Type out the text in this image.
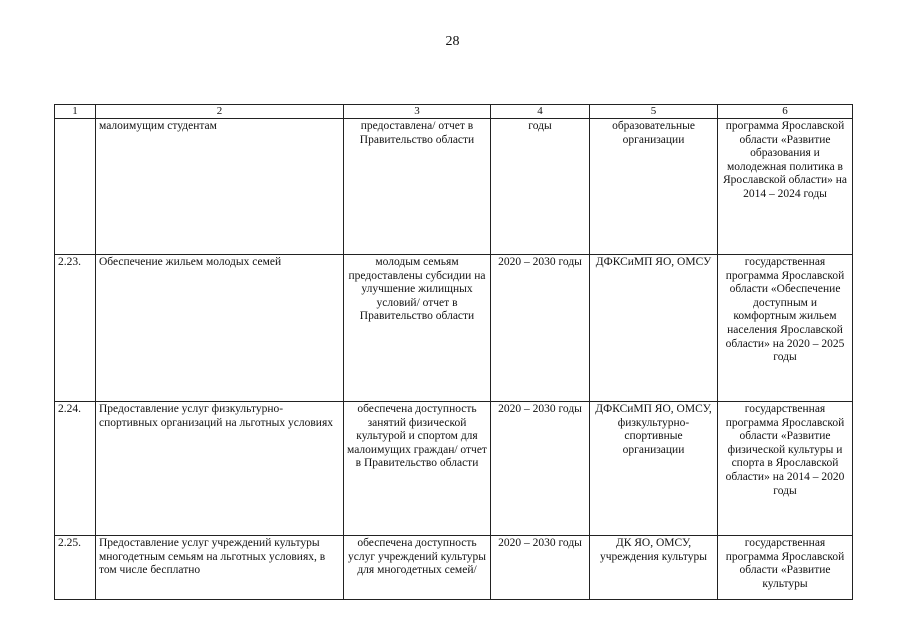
28
1	2	3	4	5	6
	малоимущим студентам	предоставлена/ отчет в Правительство области	годы	образовательные организации	программа Ярославской области «Развитие образования и молодежная политика в Ярославской области» на 2014 – 2024 годы
2.23.	Обеспечение жильем молодых семей	молодым семьям предоставлены субсидии на улучшение жилищных условий/ отчет в Правительство области	2020 – 2030 годы	ДФКСиМП ЯО, ОМСУ	государственная программа Ярославской области «Обеспечение доступным и комфортным жильем населения Ярославской области» на 2020 – 2025 годы
2.24.	Предоставление услуг физкультурно-спортивных организаций на льготных условиях	обеспечена доступность занятий физической культурой и спортом для малоимущих граждан/ отчет в Правительство области	2020 – 2030 годы	ДФКСиМП ЯО, ОМСУ, физкультурно-спортивные организации	государственная программа Ярославской области «Развитие физической культуры и спорта в Ярославской области» на 2014 – 2020 годы
2.25.	Предоставление услуг учреждений культуры многодетным семьям на льготных условиях, в том числе бесплатно	обеспечена доступность услуг учреждений культуры для многодетных семей/	2020 – 2030 годы	ДК ЯО, ОМСУ, учреждения культуры	государственная программа Ярославской области «Развитие культуры
